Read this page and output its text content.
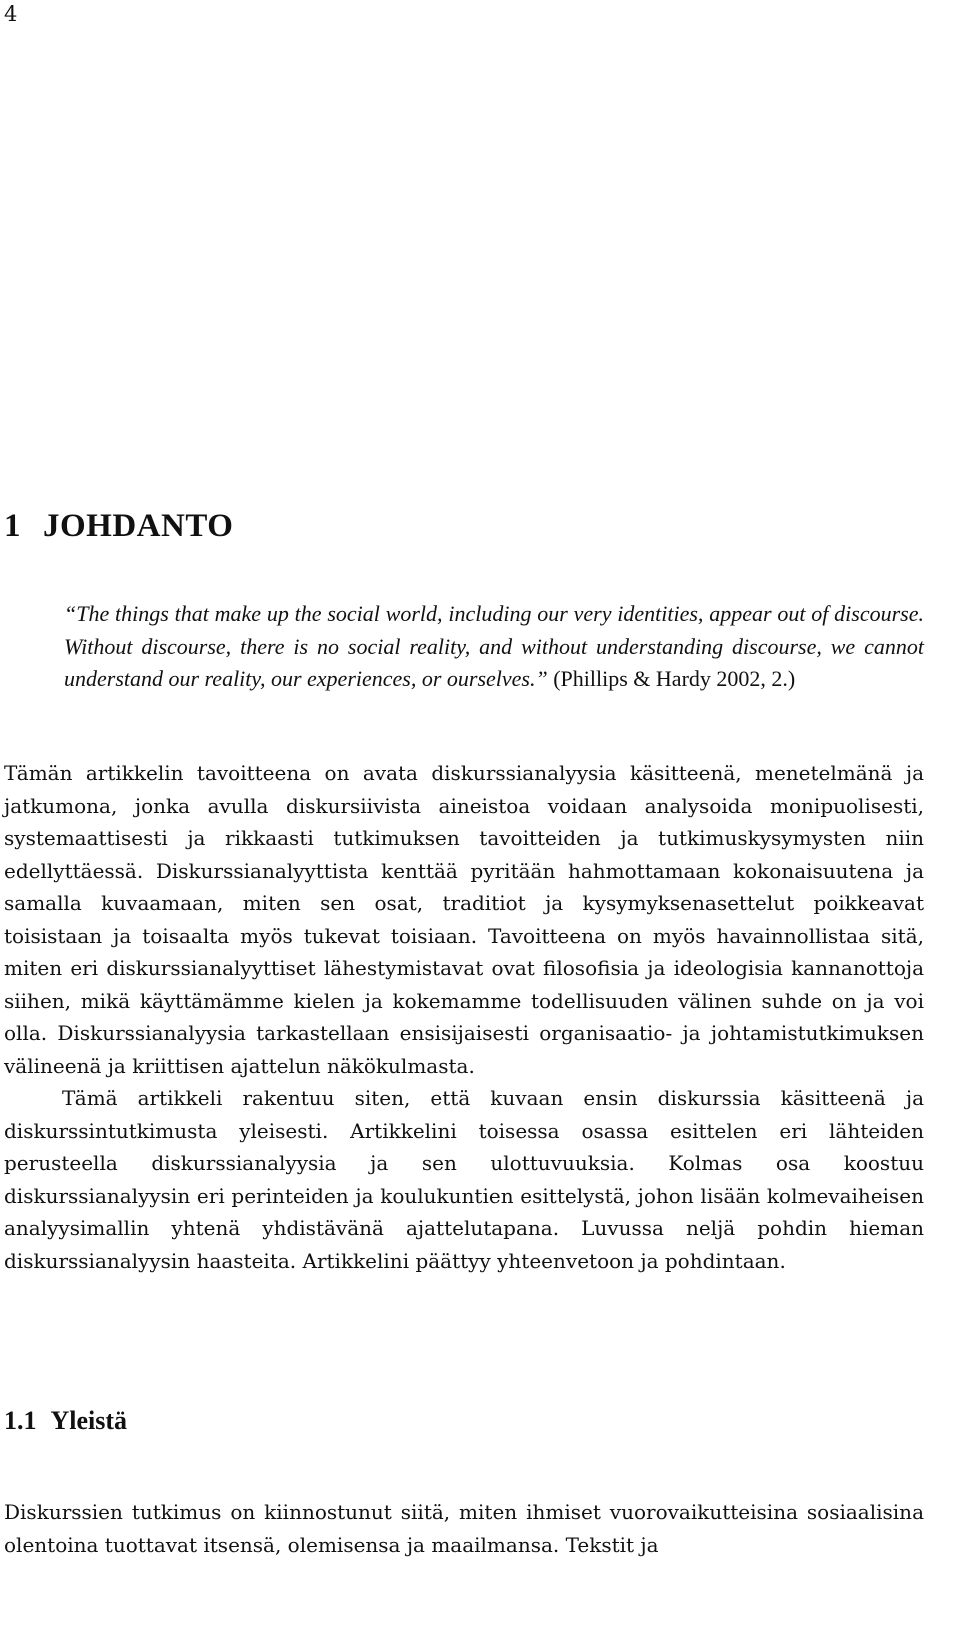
4
1 JOHDANTO
“The things that make up the social world, including our very identities, appear out of discourse. Without discourse, there is no social reality, and without understanding discourse, we cannot understand our reality, our experiences, or ourselves.” (Phillips & Hardy 2002, 2.)

Tämän artikkelin tavoitteena on avata diskurssianalyysia käsitteenä, menetelmänä ja jatkumona, jonka avulla diskursiivista aineistoa voidaan analysoida monipuolisesti, systemaattisesti ja rikkaasti tutkimuksen tavoitteiden ja tutkimuskysymysten niin edellyttäessä. Diskurssianalyyttista kenttää pyritään hahmottamaan kokonaisuutena ja samalla kuvaamaan, miten sen osat, traditiot ja kysymyksenasettelut poikkeavat toisistaan ja toisaalta myös tukevat toisiaan. Tavoitteena on myös havainnollistaa sitä, miten eri diskurssianalyyttiset lähestymistavat ovat filosofisia ja ideologisia kannanottoja siihen, mikä käyttämämme kielen ja kokemamme todellisuuden välinen suhde on ja voi olla. Diskurssianalyysia tarkastellaan ensisijaisesti organisaatio- ja johtamistutkimuksen välineenä ja kriittisen ajattelun näkökulmasta.

Tämä artikkeli rakentuu siten, että kuvaan ensin diskurssia käsitteenä ja diskurssintutkimusta yleisesti. Artikkelini toisessa osassa esittelen eri lähteiden perusteella diskurssianalyysia ja sen ulottuvuuksia. Kolmas osa koostuu diskurssianalyysin eri perinteiden ja koulukuntien esittelystä, johon lisään kolmevaiheisen analyysimallin yhtenä yhdistävänä ajattelutapana. Luvussa neljä pohdin hieman diskurssianalyysin haasteita. Artikkelini päättyy yhteenvetoon ja pohdintaan.

1.1 Yleistä

Diskurssien tutkimus on kiinnostunut siitä, miten ihmiset vuorovaikutteisina sosiaalisina olentoina tuottavat itsensä, olemisensa ja maailmansa. Tekstit ja
